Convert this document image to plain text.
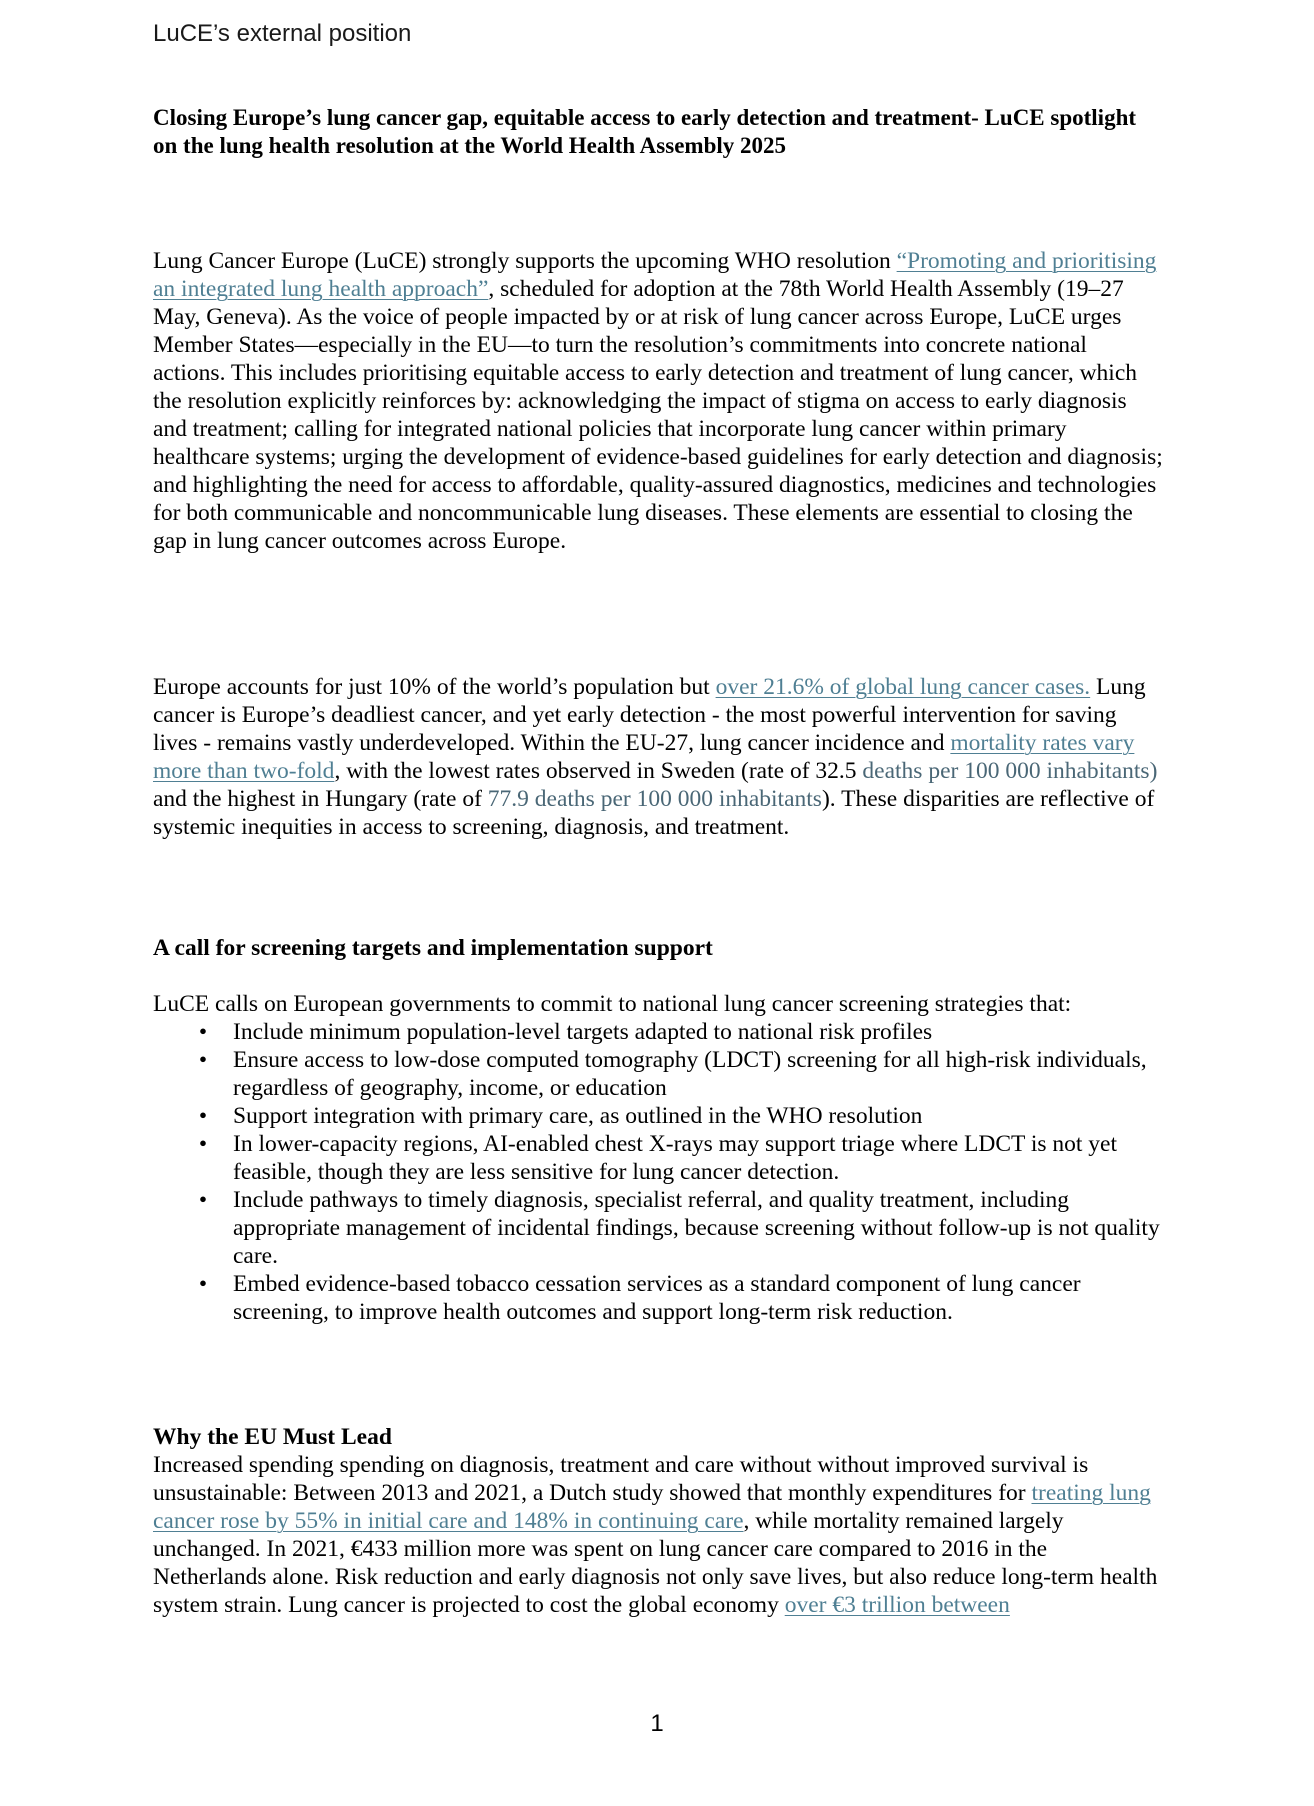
LuCE’s external position

Closing Europe’s lung cancer gap, equitable access to early detection and treatment- LuCE spotlight on the lung health resolution at the World Health Assembly 2025

Lung Cancer Europe (LuCE) strongly supports the upcoming WHO resolution “Promoting and prioritising an integrated lung health approach”, scheduled for adoption at the 78th World Health Assembly (19–27 May, Geneva). As the voice of people impacted by or at risk of lung cancer across Europe, LuCE urges Member States—especially in the EU—to turn the resolution’s commitments into concrete national actions. This includes prioritising equitable access to early detection and treatment of lung cancer, which the resolution explicitly reinforces by: acknowledging the impact of stigma on access to early diagnosis and treatment; calling for integrated national policies that incorporate lung cancer within primary healthcare systems; urging the development of evidence-based guidelines for early detection and diagnosis; and highlighting the need for access to affordable, quality-assured diagnostics, medicines and technologies for both communicable and noncommunicable lung diseases. These elements are essential to closing the gap in lung cancer outcomes across Europe.

Europe accounts for just 10% of the world’s population but over 21.6% of global lung cancer cases. Lung cancer is Europe’s deadliest cancer, and yet early detection - the most powerful intervention for saving lives - remains vastly underdeveloped. Within the EU-27, lung cancer incidence and mortality rates vary more than two-fold, with the lowest rates observed in Sweden (rate of 32.5 deaths per 100 000 inhabitants) and the highest in Hungary (rate of 77.9 deaths per 100 000 inhabitants). These disparities are reflective of systemic inequities in access to screening, diagnosis, and treatment.

A call for screening targets and implementation support

LuCE calls on European governments to commit to national lung cancer screening strategies that:

• Include minimum population-level targets adapted to national risk profiles
• Ensure access to low-dose computed tomography (LDCT) screening for all high-risk individuals, regardless of geography, income, or education
• Support integration with primary care, as outlined in the WHO resolution
• In lower-capacity regions, AI-enabled chest X-rays may support triage where LDCT is not yet feasible, though they are less sensitive for lung cancer detection.
• Include pathways to timely diagnosis, specialist referral, and quality treatment, including appropriate management of incidental findings, because screening without follow-up is not quality care.
• Embed evidence-based tobacco cessation services as a standard component of lung cancer screening, to improve health outcomes and support long-term risk reduction.

Why the EU Must Lead

Increased spending spending on diagnosis, treatment and care without without improved survival is unsustainable: Between 2013 and 2021, a Dutch study showed that monthly expenditures for treating lung cancer rose by 55% in initial care and 148% in continuing care, while mortality remained largely unchanged. In 2021, €433 million more was spent on lung cancer care compared to 2016 in the Netherlands alone. Risk reduction and early diagnosis not only save lives, but also reduce long-term health system strain. Lung cancer is projected to cost the global economy over €3 trillion between

1
